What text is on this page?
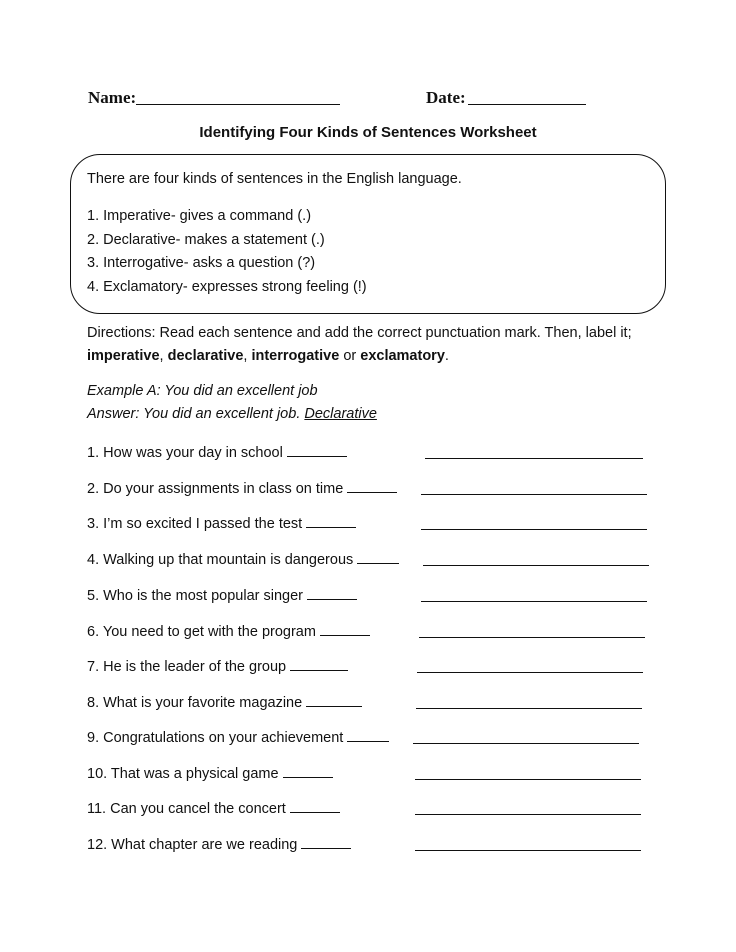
Name:	Date:
Identifying Four Kinds of Sentences Worksheet
There are four kinds of sentences in the English language.
1. Imperative- gives a command (.)
2. Declarative- makes a statement (.)
3. Interrogative- asks a question (?)
4. Exclamatory- expresses strong feeling (!)
Directions: Read each sentence and add the correct punctuation mark. Then, label it; imperative, declarative, interrogative or exclamatory.
Example A: You did an excellent job
Answer: You did an excellent job. Declarative
1. How was your day in school
2. Do your assignments in class on time
3. I’m so excited I passed the test
4. Walking up that mountain is dangerous
5. Who is the most popular singer
6. You need to get with the program
7. He is the leader of the group
8. What is your favorite magazine
9. Congratulations on your achievement
10. That was a physical game
11. Can you cancel the concert
12. What chapter are we reading
